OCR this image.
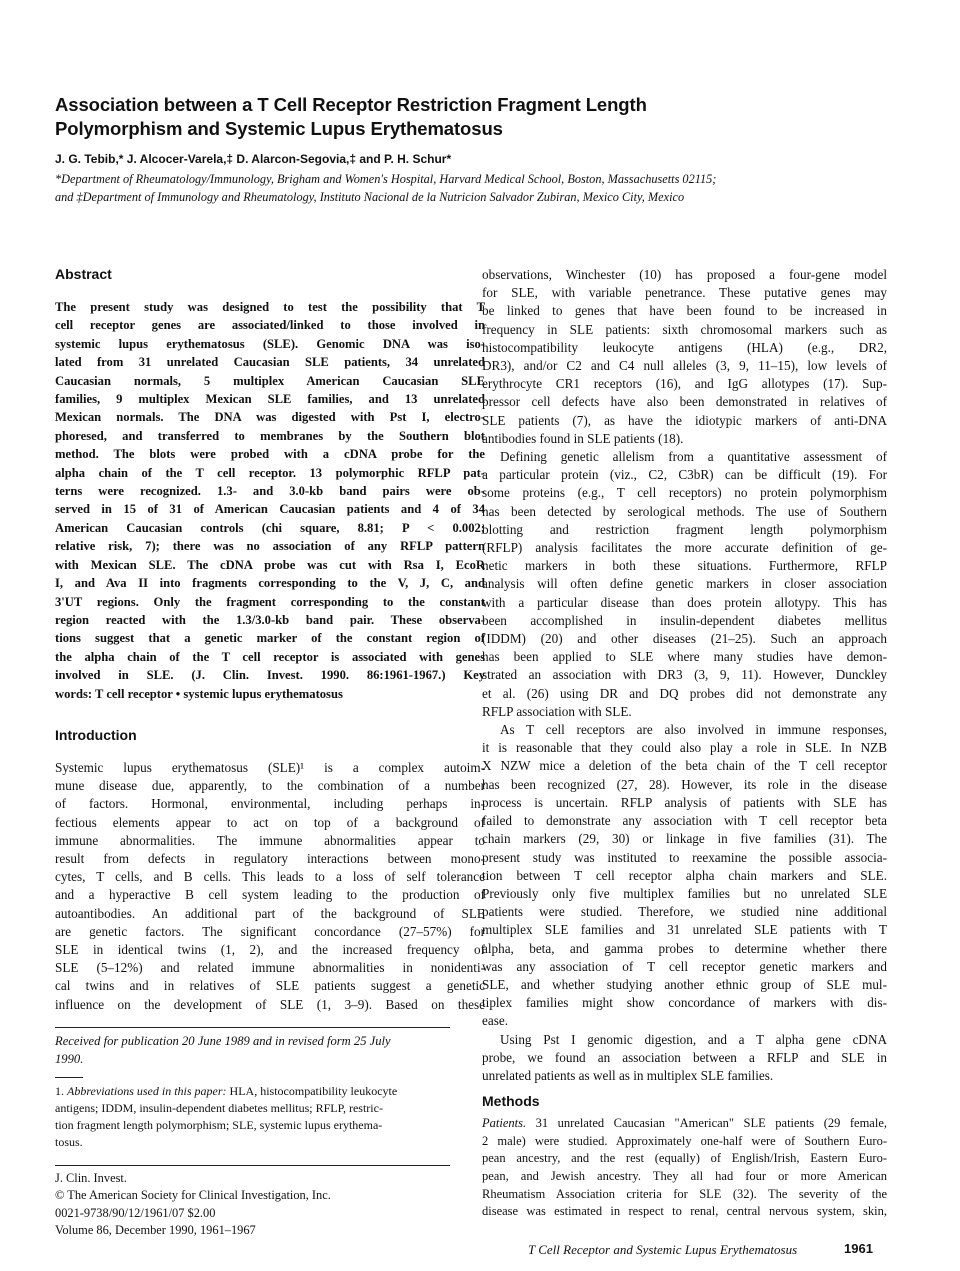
Association between a T Cell Receptor Restriction Fragment Length
Polymorphism and Systemic Lupus Erythematosus
J. G. Tebib,* J. Alcocer-Varela,‡ D. Alarcon-Segovia,‡ and P. H. Schur*
*Department of Rheumatology/Immunology, Brigham and Women's Hospital, Harvard Medical School, Boston, Massachusetts 02115;
and ‡Department of Immunology and Rheumatology, Instituto Nacional de la Nutricion Salvador Zubiran, Mexico City, Mexico
Abstract
The present study was designed to test the possibility that T
cell receptor genes are associated/linked to those involved in
systemic lupus erythematosus (SLE). Genomic DNA was iso-
lated from 31 unrelated Caucasian SLE patients, 34 unrelated
Caucasian normals, 5 multiplex American Caucasian SLE
families, 9 multiplex Mexican SLE families, and 13 unrelated
Mexican normals. The DNA was digested with Pst I, electro-
phoresed, and transferred to membranes by the Southern blot
method. The blots were probed with a cDNA probe for the
alpha chain of the T cell receptor. 13 polymorphic RFLP pat-
terns were recognized. 1.3- and 3.0-kb band pairs were ob-
served in 15 of 31 of American Caucasian patients and 4 of 34
American Caucasian controls (chi square, 8.81; P < 0.002;
relative risk, 7); there was no association of any RFLP pattern
with Mexican SLE. The cDNA probe was cut with Rsa I, EcoR
I, and Ava II into fragments corresponding to the V, J, C, and
3'UT regions. Only the fragment corresponding to the constant
region reacted with the 1.3/3.0-kb band pair. These observa-
tions suggest that a genetic marker of the constant region of
the alpha chain of the T cell receptor is associated with genes
involved in SLE. (J. Clin. Invest. 1990. 86:1961-1967.) Key
words: T cell receptor • systemic lupus erythematosus
Introduction
Systemic lupus erythematosus (SLE)¹ is a complex autoim-
mune disease due, apparently, to the combination of a number
of factors. Hormonal, environmental, including perhaps in-
fectious elements appear to act on top of a background of
immune abnormalities. The immune abnormalities appear to
result from defects in regulatory interactions between mono-
cytes, T cells, and B cells. This leads to a loss of self tolerance
and a hyperactive B cell system leading to the production of
autoantibodies. An additional part of the background of SLE
are genetic factors. The significant concordance (27–57%) for
SLE in identical twins (1, 2), and the increased frequency of
SLE (5–12%) and related immune abnormalities in nonidenti-
cal twins and in relatives of SLE patients suggest a genetic
influence on the development of SLE (1, 3–9). Based on these
Received for publication 20 June 1989 and in revised form 25 July
1990.
1. Abbreviations used in this paper: HLA, histocompatibility leukocyte
antigens; IDDM, insulin-dependent diabetes mellitus; RFLP, restric-
tion fragment length polymorphism; SLE, systemic lupus erythema-
tosus.
J. Clin. Invest.
© The American Society for Clinical Investigation, Inc.
0021-9738/90/12/1961/07 $2.00
Volume 86, December 1990, 1961–1967
observations, Winchester (10) has proposed a four-gene model
for SLE, with variable penetrance. These putative genes may
be linked to genes that have been found to be increased in
frequency in SLE patients: sixth chromosomal markers such as
histocompatibility leukocyte antigens (HLA) (e.g., DR2,
DR3), and/or C2 and C4 null alleles (3, 9, 11–15), low levels of
erythrocyte CR1 receptors (16), and IgG allotypes (17). Sup-
pressor cell defects have also been demonstrated in relatives of
SLE patients (7), as have the idiotypic markers of anti-DNA
antibodies found in SLE patients (18).
Defining genetic allelism from a quantitative assessment of
a particular protein (viz., C2, C3bR) can be difficult (19). For
some proteins (e.g., T cell receptors) no protein polymorphism
has been detected by serological methods. The use of Southern
blotting and restriction fragment length polymorphism
(RFLP) analysis facilitates the more accurate definition of ge-
netic markers in both these situations. Furthermore, RFLP
analysis will often define genetic markers in closer association
with a particular disease than does protein allotypy. This has
been accomplished in insulin-dependent diabetes mellitus
(IDDM) (20) and other diseases (21–25). Such an approach
has been applied to SLE where many studies have demon-
strated an association with DR3 (3, 9, 11). However, Dunckley
et al. (26) using DR and DQ probes did not demonstrate any
RFLP association with SLE.
As T cell receptors are also involved in immune responses,
it is reasonable that they could also play a role in SLE. In NZB
X NZW mice a deletion of the beta chain of the T cell receptor
has been recognized (27, 28). However, its role in the disease
process is uncertain. RFLP analysis of patients with SLE has
failed to demonstrate any association with T cell receptor beta
chain markers (29, 30) or linkage in five families (31). The
present study was instituted to reexamine the possible associa-
tion between T cell receptor alpha chain markers and SLE.
Previously only five multiplex families but no unrelated SLE
patients were studied. Therefore, we studied nine additional
multiplex SLE families and 31 unrelated SLE patients with T
alpha, beta, and gamma probes to determine whether there
was any association of T cell receptor genetic markers and
SLE, and whether studying another ethnic group of SLE mul-
tiplex families might show concordance of markers with dis-
ease.
Using Pst I genomic digestion, and a T alpha gene cDNA
probe, we found an association between a RFLP and SLE in
unrelated patients as well as in multiplex SLE families.
Methods
Patients. 31 unrelated Caucasian "American" SLE patients (29 female,
2 male) were studied. Approximately one-half were of Southern Euro-
pean ancestry, and the rest (equally) of English/Irish, Eastern Euro-
pean, and Jewish ancestry. They all had four or more American
Rheumatism Association criteria for SLE (32). The severity of the
disease was estimated in respect to renal, central nervous system, skin,
T Cell Receptor and Systemic Lupus Erythematosus	1961
